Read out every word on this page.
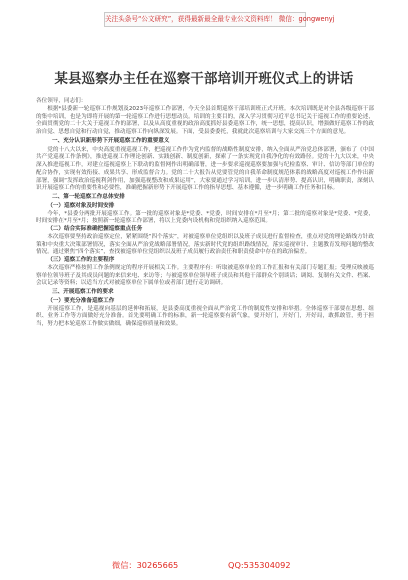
关注头条号“公文研究”，获得最新最全最专业公文资料库！ 微信：gongwenyj
某县巡察办主任在巡察干部培训开班仪式上的讲话

各位领导，同志们：

根据*县委新一轮巡察工作规划及2023年巡察工作部署，今天全县首期巡察干部培训班正式开班。本次培训既是对全县各级巡察干部的集中培训，也是为即将开展的第一轮巡察工作进行思想动员。培训的主要目的，深入学习贯彻习近平总书记关于巡视工作的重要论述，全面贯彻党的二十大关于巡视工作的部署，以及从高度重视的政治高度抓好县委巡察工作，统一思想，提高认识，增强做好巡察工作的政治自觉、思想自觉和行动自觉，推动巡察工作向纵深发展。下面，受县委委托，我就此次巡察培训与大家交流三个方面的意见。

一、充分认识新形势下开展巡察工作的重要意义

党的十八大以来，中央高度重视巡视工作，把巡视工作作为党内监督的战略性制度安排，纳入全面从严治党总体部署，颁布了《中国共产党巡视工作条例》，推进巡视工作理论创新、实践创新、制度创新，探索了一条实现党自我净化的有效路径。党的十九大以来，中央深入推进巡视工作，对建立巡视巡察上下联动的监督网作出明确部署，进一步要求巡视巡察要加强与纪检监察、审计、信访等部门单位的配合协作，实现有效衔接、成果共享、形成监督合力。党的二十大报告从党要管党的自我革命制度规范体系的战略高度对巡视工作作出新部署，强调“发挥政治巡视利剑作用，加强巡视整改和成果运用”，大家要通过学习培训，进一步认清形势、提高认识，明确职责，深刻认识开展巡察工作的重要性和必要性，准确把握新形势下开展巡察工作的指导思想、基本遵循，进一步明确工作任务和目标。

二、第一轮巡察工作总体安排

（一）巡察对象及时间安排

今年，*县委分两批开展巡察工作。第一批的巡察对象是*党委、*党委，时间安排在*月至*月；第二批的巡察对象是*党委、*党委，时间安排在*月至*月；按照新一轮巡察工作部署，将以上党委内设机构和党组织纳入巡察范围。

（二）结合实际准确把握巡察重点任务

本次巡察要坚持政治巡察定位，紧紧围绕“四个落实”，对被巡察单位党组织以及班子成员进行监督检查，重点对党的理论路线方针政策和中央重大决策部署情况，落实全面从严治党战略部署情况，落实新时代党的组织路线情况，落实巡视审计、主题教育发现问题的整改情况。通过聚焦“四个落实”，查找被巡察单位党组织以及班子成员履行政治责任和职责使命中存在的政治偏差。

（三）巡察工作的主要程序

本次巡察严格按照工作条例规定的程序开展相关工作。主要程序有：听取被巡察单位的工作汇报和有关部门专题汇报；受理反映被巡察单位领导班子及其成员问题的来信来电、来访等；与被巡察单位领导班子成员和其他干部群众个别谈话；调阅、复制有关文件、档案、会议记录等资料；以适当方式对被巡察单位下属单位或者部门进行走访调研。

三、开展巡察工作的要求

（一）要充分准备巡察工作

开展巡察工作，是巡视向基层的延伸和拓展，是县委高度重视全面从严治党工作的制度性安排和举措。全体巡察干部要在思想、组织、业务工作等方面做好充分准备。首先要明确工作的标准，新一轮巡察要有新气象，要开好门，开好门，开好局，敢抓敢管，勇于担当，努力把本轮巡察工作做实做细，确保巡察质量和效果。

微信：30265665	QQ:535304092
